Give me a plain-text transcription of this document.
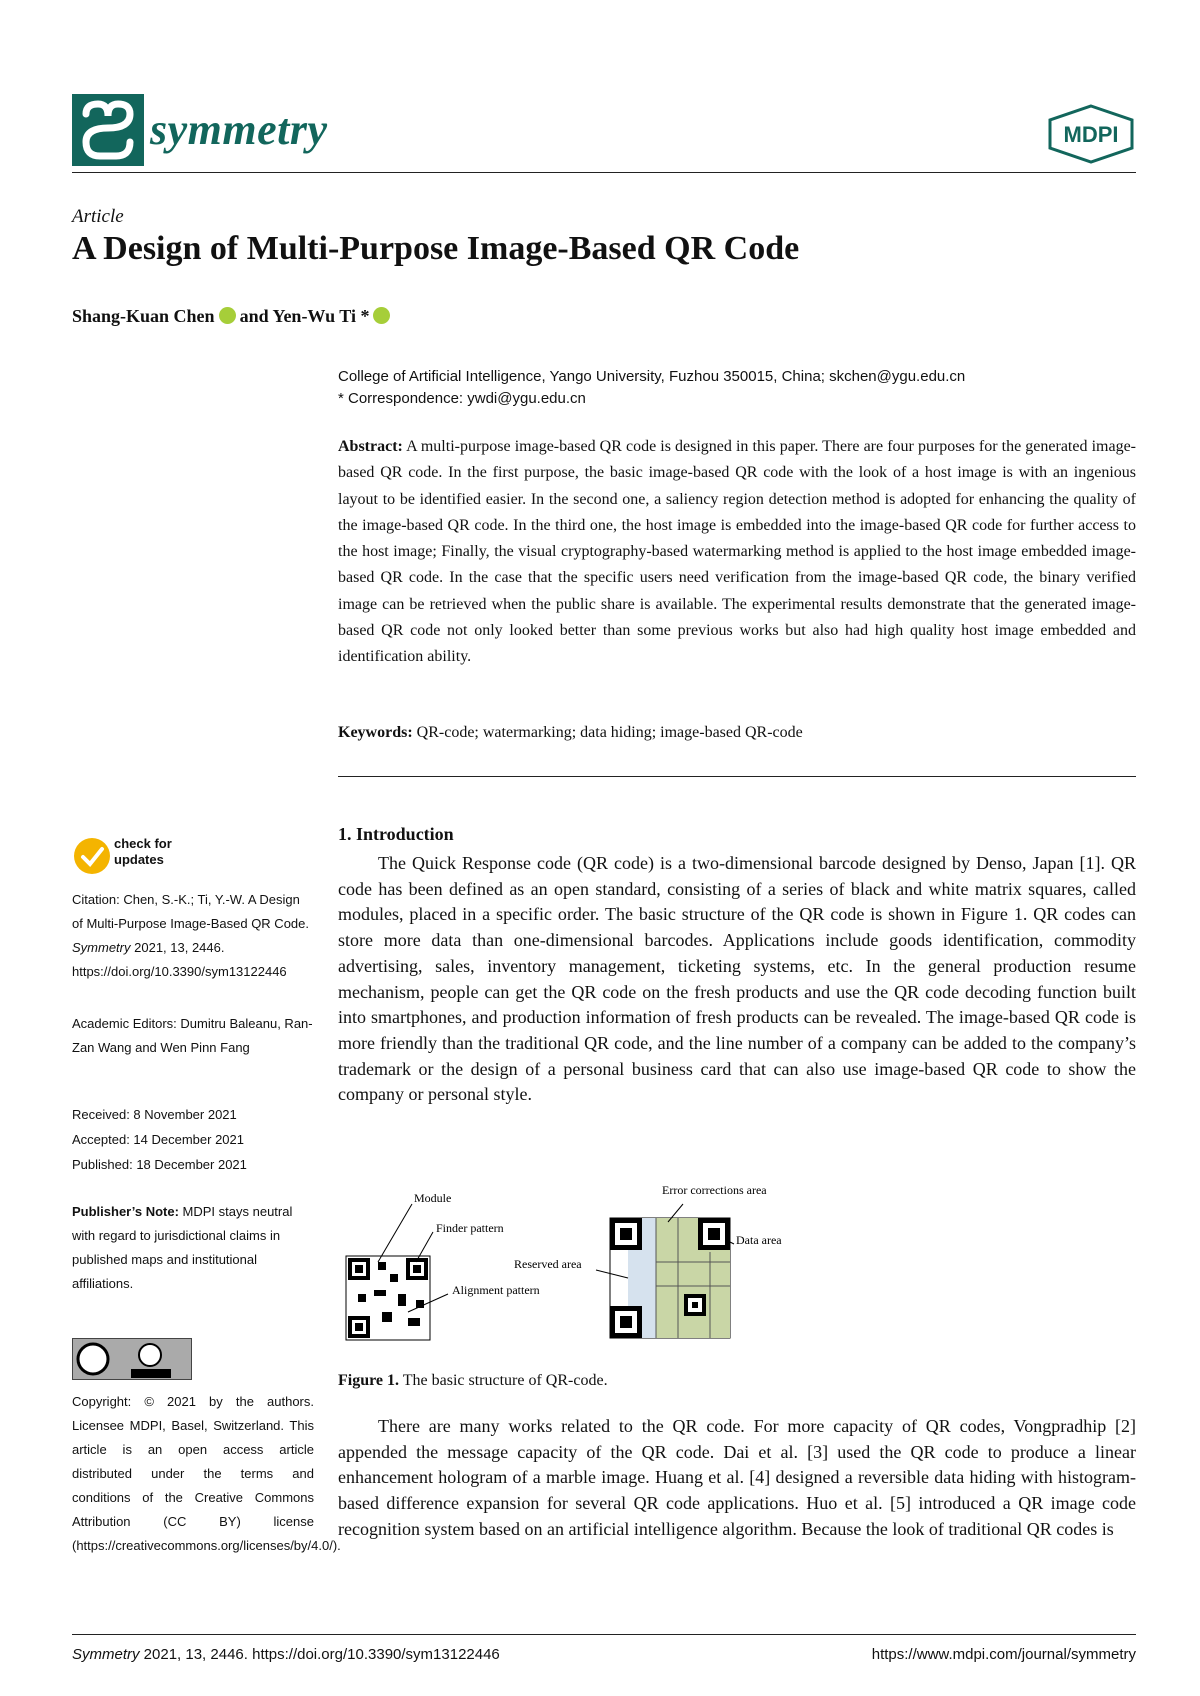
symmetry	MDPI
Article
A Design of Multi-Purpose Image-Based QR Code
Shang-Kuan Chen and Yen-Wu Ti *
College of Artificial Intelligence, Yango University, Fuzhou 350015, China; skchen@ygu.edu.cn
* Correspondence: ywdi@ygu.edu.cn
Abstract: A multi-purpose image-based QR code is designed in this paper. There are four purposes for the generated image-based QR code. In the first purpose, the basic image-based QR code with the look of a host image is with an ingenious layout to be identified easier. In the second one, a saliency region detection method is adopted for enhancing the quality of the image-based QR code. In the third one, the host image is embedded into the image-based QR code for further access to the host image; Finally, the visual cryptography-based watermarking method is applied to the host image embedded image-based QR code. In the case that the specific users need verification from the image-based QR code, the binary verified image can be retrieved when the public share is available. The experimental results demonstrate that the generated image-based QR code not only looked better than some previous works but also had high quality host image embedded and identification ability.
Keywords: QR-code; watermarking; data hiding; image-based QR-code
check for
updates
Citation: Chen, S.-K.; Ti, Y.-W. A Design of Multi-Purpose Image-Based QR Code. Symmetry 2021, 13, 2446. https://doi.org/10.3390/sym13122446
Academic Editors: Dumitru Baleanu, Ran-Zan Wang and Wen Pinn Fang
Received: 8 November 2021
Accepted: 14 December 2021
Published: 18 December 2021
Publisher’s Note: MDPI stays neutral with regard to jurisdictional claims in published maps and institutional affiliations.
Copyright: © 2021 by the authors. Licensee MDPI, Basel, Switzerland. This article is an open access article distributed under the terms and conditions of the Creative Commons Attribution (CC BY) license (https://creativecommons.org/licenses/by/4.0/).
1. Introduction
The Quick Response code (QR code) is a two-dimensional barcode designed by Denso, Japan [1]. QR code has been defined as an open standard, consisting of a series of black and white matrix squares, called modules, placed in a specific order. The basic structure of the QR code is shown in Figure 1. QR codes can store more data than one-dimensional barcodes. Applications include goods identification, commodity advertising, sales, inventory management, ticketing systems, etc. In the general production resume mechanism, people can get the QR code on the fresh products and use the QR code decoding function built into smartphones, and production information of fresh products can be revealed. The image-based QR code is more friendly than the traditional QR code, and the line number of a company can be added to the company’s trademark or the design of a personal business card that can also use image-based QR code to show the company or personal style.
Module
Finder pattern
Alignment pattern
Error corrections area
Data area
Reserved area
Figure 1. The basic structure of QR-code.
There are many works related to the QR code. For more capacity of QR codes, Vongpradhip [2] appended the message capacity of the QR code. Dai et al. [3] used the QR code to produce a linear enhancement hologram of a marble image. Huang et al. [4] designed a reversible data hiding with histogram-based difference expansion for several QR code applications. Huo et al. [5] introduced a QR image code recognition system based on an artificial intelligence algorithm. Because the look of traditional QR codes is
Symmetry 2021, 13, 2446. https://doi.org/10.3390/sym13122446	https://www.mdpi.com/journal/symmetry
